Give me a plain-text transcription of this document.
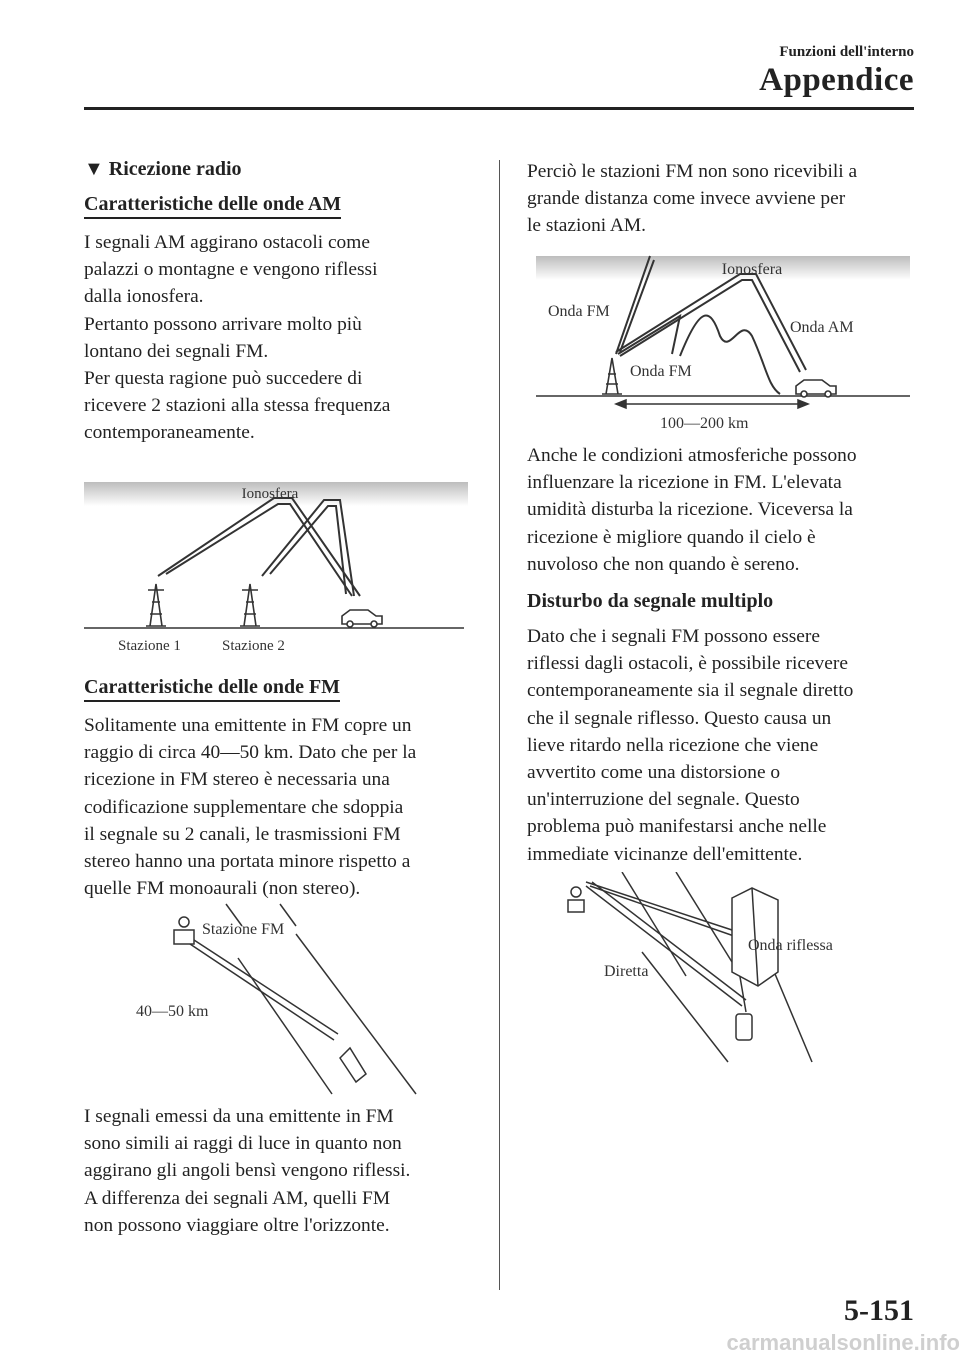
Funzioni dell'interno
Appendice
▼ Ricezione radio
Caratteristiche delle onde AM

I segnali AM aggirano ostacoli come

palazzi o montagne e vengono riflessi

dalla ionosfera.

Pertanto possono arrivare molto più

lontano dei segnali FM.

Per questa ragione può succedere di

ricevere 2 stazioni alla stessa frequenza

contemporaneamente.

Ionosfera
Stazione 1	Stazione 2
Caratteristiche delle onde FM

Solitamente una emittente in FM copre un

raggio di circa 40―50 km. Dato che per la

ricezione in FM stereo è necessaria una

codificazione supplementare che sdoppia

il segnale su 2 canali, le trasmissioni FM

stereo hanno una portata minore rispetto a

quelle FM monoaurali (non stereo).

Stazione FM
40—50 km

I segnali emessi da una emittente in FM

sono simili ai raggi di luce in quanto non

aggirano gli angoli bensì vengono riflessi.

A differenza dei segnali AM, quelli FM

non possono viaggiare oltre l'orizzonte.

Perciò le stazioni FM non sono ricevibili a

grande distanza come invece avviene per

le stazioni AM.

Ionosfera
Onda FM
Onda AM
Onda FM
100—200 km

Anche le condizioni atmosferiche possono

influenzare la ricezione in FM. L'elevata

umidità disturba la ricezione. Viceversa la

ricezione è migliore quando il cielo è

nuvoloso che non quando è sereno.

Disturbo da segnale multiplo

Dato che i segnali FM possono essere

riflessi dagli ostacoli, è possibile ricevere

contemporaneamente sia il segnale diretto

che il segnale riflesso. Questo causa un

lieve ritardo nella ricezione che viene

avvertito come una distorsione o

un'interruzione del segnale. Questo

problema può manifestarsi anche nelle

immediate vicinanze dell'emittente.

Onda riflessa
Diretta
5-151
carmanualsonline.info
